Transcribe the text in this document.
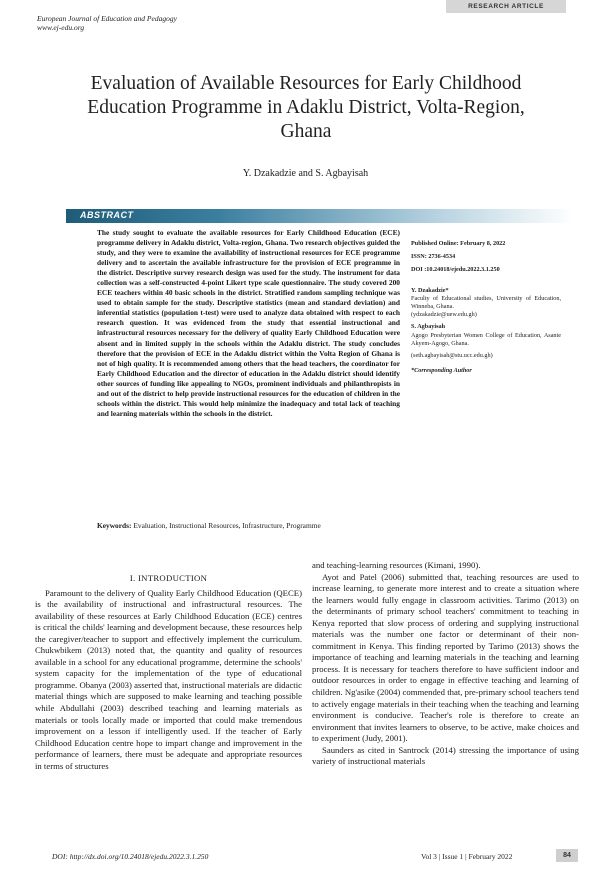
European Journal of Education and Pedagogy
www.ej-edu.org
RESEARCH ARTICLE
Evaluation of Available Resources for Early Childhood Education Programme in Adaklu District, Volta-Region, Ghana
Y. Dzakadzie and S. Agbayisah
ABSTRACT
The study sought to evaluate the available resources for Early Childhood Education (ECE) programme delivery in Adaklu district, Volta-region, Ghana. Two research objectives guided the study, and they were to examine the availability of instructional resources for ECE programme delivery and to ascertain the available infrastructure for the provision of ECE programme in the district. Descriptive survey research design was used for the study. The instrument for data collection was a self-constructed 4-point Likert type scale questionnaire. The study covered 200 ECE teachers within 40 basic schools in the district. Stratified random sampling technique was used to obtain sample for the study. Descriptive statistics (mean and standard deviation) and inferential statistics (population t-test) were used to analyze data obtained with respect to each research question. It was evidenced from the study that essential instructional and infrastructural resources necessary for the delivery of quality Early Childhood Education were absent and in limited supply in the schools within the Adaklu district. The study concludes therefore that the provision of ECE in the Adaklu district within the Volta Region of Ghana is not of high quality. It is recommended among others that the head teachers, the coordinator for Early Childhood Education and the director of education in the Adaklu district should identify other sources of funding like appealing to NGOs, prominent individuals and philanthropists in and out of the district to help provide instructional resources for the education of children in the schools within the district. This would help minimize the inadequacy and total lack of teaching and learning materials within the schools in the district.
Keywords: Evaluation, Instructional Resources, Infrastructure, Programme
Published Online: February 8, 2022
ISSN: 2736-4534
DOI :10.24018/ejedu.2022.3.1.250
Y. Dzakadzie*
Faculty of Educational studies, University of Education, Winneba, Ghana.
(ydzakadzie@uew.edu.gh)
S. Agbayisah
Agogo Presbyterian Women College of Education, Asante Akyem-Agogo, Ghana.
(seth.agbayisah@stu.ucc.edu.gh)
*Corresponding Author
I. INTRODUCTION

Paramount to the delivery of Quality Early Childhood Education (QECE) is the availability of instructional and infrastructural resources. The availability of these resources at Early Childhood Education (ECE) centres is critical the childs' learning and development because, these resources help the caregiver/teacher to support and effectively implement the curriculum. Chukwbikem (2013) noted that, the quantity and quality of resources available in a school for any educational programme, determine the schools' system capacity for the implementation of the type of educational programme. Obanya (2003) asserted that, instructional materials are didactic material things which are supposed to make learning and teaching possible while Abdullahi (2003) described teaching and learning materials as materials or tools locally made or imported that could make tremendous improvement on a lesson if intelligently used. If the teacher of Early Childhood Education centre hope to impart change and improvement in the performance of learners, there must be adequate and appropriate resources in terms of structures

and teaching-learning resources (Kimani, 1990).

Ayot and Patel (2006) submitted that, teaching resources are used to increase learning, to generate more interest and to create a situation where the learners would fully engage in classroom activities. Tarimo (2013) on the determinants of primary school teachers' commitment to teaching in Kenya reported that slow process of ordering and supplying instructional materials was the number one factor or determinant of their non- commitment in Kenya. This finding reported by Tarimo (2013) shows the importance of teaching and learning materials in the teaching and learning process. It is necessary for teachers therefore to have sufficient indoor and outdoor resources in order to engage in effective teaching and learning of children. Ng'asike (2004) commended that, pre-primary school teachers tend to actively engage materials in their teaching when the teaching and learning environment is conducive. Teacher's role is therefore to create an environment that invites learners to observe, to be active, make choices and to experiment (Judy, 2001).

Saunders as cited in Santrock (2014) stressing the importance of using variety of instructional materials

DOI: http://dx.doi.org/10.24018/ejedu.2022.3.1.250	Vol 3 | Issue 1 | February 2022	84
